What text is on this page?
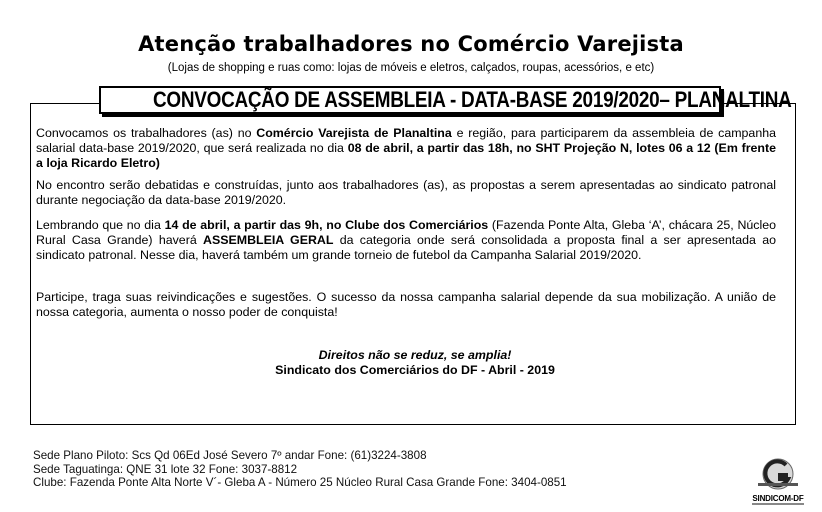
Atenção trabalhadores no Comércio Varejista
(Lojas de shopping e ruas como: lojas de móveis e eletros, calçados, roupas, acessórios, e etc)
CONVOCAÇÃO DE ASSEMBLEIA - DATA-BASE 2019/2020– PLANALTINA
Convocamos os trabalhadores (as) no Comércio Varejista de Planaltina e região, para participarem da assembleia de campanha salarial data-base 2019/2020, que será realizada no dia 08 de abril, a partir das 18h, no SHT Projeção N, lotes 06 a 12 (Em frente a loja Ricardo Eletro)
No encontro serão debatidas e construídas, junto aos trabalhadores (as), as propostas a serem apresentadas ao sindicato patronal durante negociação da data-base 2019/2020.
Lembrando que no dia 14 de abril, a partir das 9h, no Clube dos Comerciários (Fazenda Ponte Alta, Gleba ‘A’, chácara 25, Núcleo Rural Casa Grande) haverá ASSEMBLEIA GERAL da categoria onde será consolidada a proposta final a ser apresentada ao sindicato patronal. Nesse dia, haverá também um grande torneio de futebol da Campanha Salarial 2019/2020.
Participe, traga suas reivindicações e sugestões. O sucesso da nossa campanha salarial depende da sua mobilização. A união de nossa categoria, aumenta o nosso poder de conquista!
Direitos não se reduz, se amplia!
Sindicato dos Comerciários do DF - Abril - 2019
Sede Plano Piloto: Scs Qd 06Ed José Severo 7º andar Fone: (61)3224-3808
Sede Taguatinga: QNE 31 lote 32 Fone: 3037-8812
Clube: Fazenda Ponte Alta Norte V´- Gleba A - Número 25 Núcleo Rural Casa Grande Fone: 3404-0851
SINDICOM-DF
